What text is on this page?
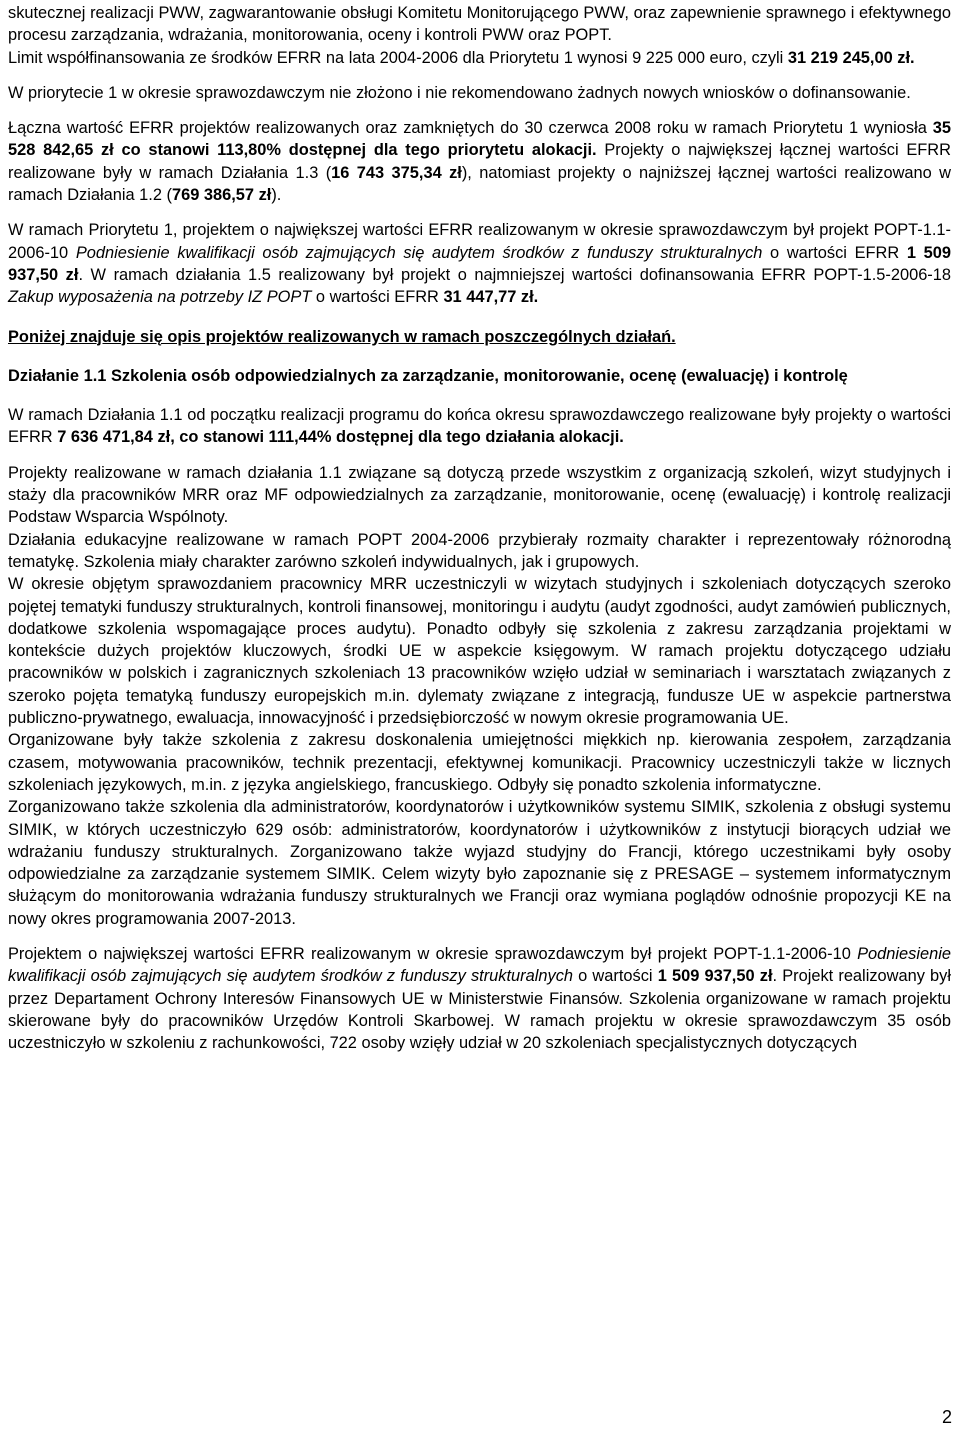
skutecznej realizacji PWW, zagwarantowanie obsługi Komitetu Monitorującego PWW, oraz zapewnienie sprawnego i efektywnego procesu zarządzania, wdrażania, monitorowania, oceny i kontroli PWW oraz POPT.

Limit współfinansowania ze środków EFRR na lata 2004-2006 dla Priorytetu 1 wynosi 9 225 000 euro, czyli 31 219 245,00 zł.

W priorytecie 1 w okresie sprawozdawczym nie złożono i nie rekomendowano żadnych nowych wniosków o dofinansowanie.

Łączna wartość EFRR projektów realizowanych oraz zamkniętych do 30 czerwca 2008 roku w ramach Priorytetu 1 wyniosła 35 528 842,65 zł co stanowi 113,80% dostępnej dla tego priorytetu alokacji. Projekty o największej łącznej wartości EFRR realizowane były w ramach Działania 1.3 (16 743 375,34 zł), natomiast projekty o najniższej łącznej wartości realizowano w ramach Działania 1.2 (769 386,57 zł).

W ramach Priorytetu 1, projektem o największej wartości EFRR realizowanym w okresie sprawozdawczym był projekt POPT-1.1-2006-10 Podniesienie kwalifikacji osób zajmujących się audytem środków z funduszy strukturalnych o wartości EFRR 1 509 937,50 zł. W ramach działania 1.5 realizowany był projekt o najmniejszej wartości dofinansowania EFRR POPT-1.5-2006-18 Zakup wyposażenia na potrzeby IZ POPT o wartości EFRR 31 447,77 zł.

Poniżej znajduje się opis projektów realizowanych w ramach poszczególnych działań.

Działanie 1.1 Szkolenia osób odpowiedzialnych za zarządzanie, monitorowanie, ocenę (ewaluację) i kontrolę

W ramach Działania 1.1 od początku realizacji programu do końca okresu sprawozdawczego realizowane były projekty o wartości EFRR 7 636 471,84 zł, co stanowi 111,44% dostępnej dla tego działania alokacji.

Projekty realizowane w ramach działania 1.1 związane są dotyczą przede wszystkim z organizacją szkoleń, wizyt studyjnych i staży dla pracowników MRR oraz MF odpowiedzialnych za zarządzanie, monitorowanie, ocenę (ewaluację) i kontrolę realizacji Podstaw Wsparcia Wspólnoty.

Działania edukacyjne realizowane w ramach POPT 2004-2006 przybierały rozmaity charakter i reprezentowały różnorodną tematykę. Szkolenia miały charakter zarówno szkoleń indywidualnych, jak i grupowych.

W okresie objętym sprawozdaniem pracownicy MRR uczestniczyli w wizytach studyjnych i szkoleniach dotyczących szeroko pojętej tematyki funduszy strukturalnych, kontroli finansowej, monitoringu i audytu (audyt zgodności, audyt zamówień publicznych, dodatkowe szkolenia wspomagające proces audytu). Ponadto odbyły się szkolenia z zakresu zarządzania projektami w kontekście dużych projektów kluczowych, środki UE w aspekcie księgowym. W ramach projektu dotyczącego udziału pracowników w polskich i zagranicznych szkoleniach 13 pracowników wzięło udział w seminariach i warsztatach związanych z szeroko pojęta tematyką funduszy europejskich m.in. dylematy związane z integracją, fundusze UE w aspekcie partnerstwa publiczno-prywatnego, ewaluacja, innowacyjność i przedsiębiorczość w nowym okresie programowania UE.

Organizowane były także szkolenia z zakresu doskonalenia umiejętności miękkich np. kierowania zespołem, zarządzania czasem, motywowania pracowników, technik prezentacji, efektywnej komunikacji. Pracownicy uczestniczyli także w licznych szkoleniach językowych, m.in. z języka angielskiego, francuskiego. Odbyły się ponadto szkolenia informatyczne.

Zorganizowano także szkolenia dla administratorów, koordynatorów i użytkowników systemu SIMIK, szkolenia z obsługi systemu SIMIK, w których uczestniczyło 629 osób: administratorów, koordynatorów i użytkowników z instytucji biorących udział we wdrażaniu funduszy strukturalnych. Zorganizowano także wyjazd studyjny do Francji, którego uczestnikami były osoby odpowiedzialne za zarządzanie systemem SIMIK. Celem wizyty było zapoznanie się z PRESAGE – systemem informatycznym służącym do monitorowania wdrażania funduszy strukturalnych we Francji oraz wymiana poglądów odnośnie propozycji KE na nowy okres programowania 2007-2013.

Projektem o największej wartości EFRR realizowanym w okresie sprawozdawczym był projekt POPT-1.1-2006-10 Podniesienie kwalifikacji osób zajmujących się audytem środków z funduszy strukturalnych o wartości 1 509 937,50 zł. Projekt realizowany był przez Departament Ochrony Interesów Finansowych UE w Ministerstwie Finansów. Szkolenia organizowane w ramach projektu skierowane były do pracowników Urzędów Kontroli Skarbowej. W ramach projektu w okresie sprawozdawczym 35 osób uczestniczyło w szkoleniu z rachunkowości, 722 osoby wzięły udział w 20 szkoleniach specjalistycznych dotyczących

2
